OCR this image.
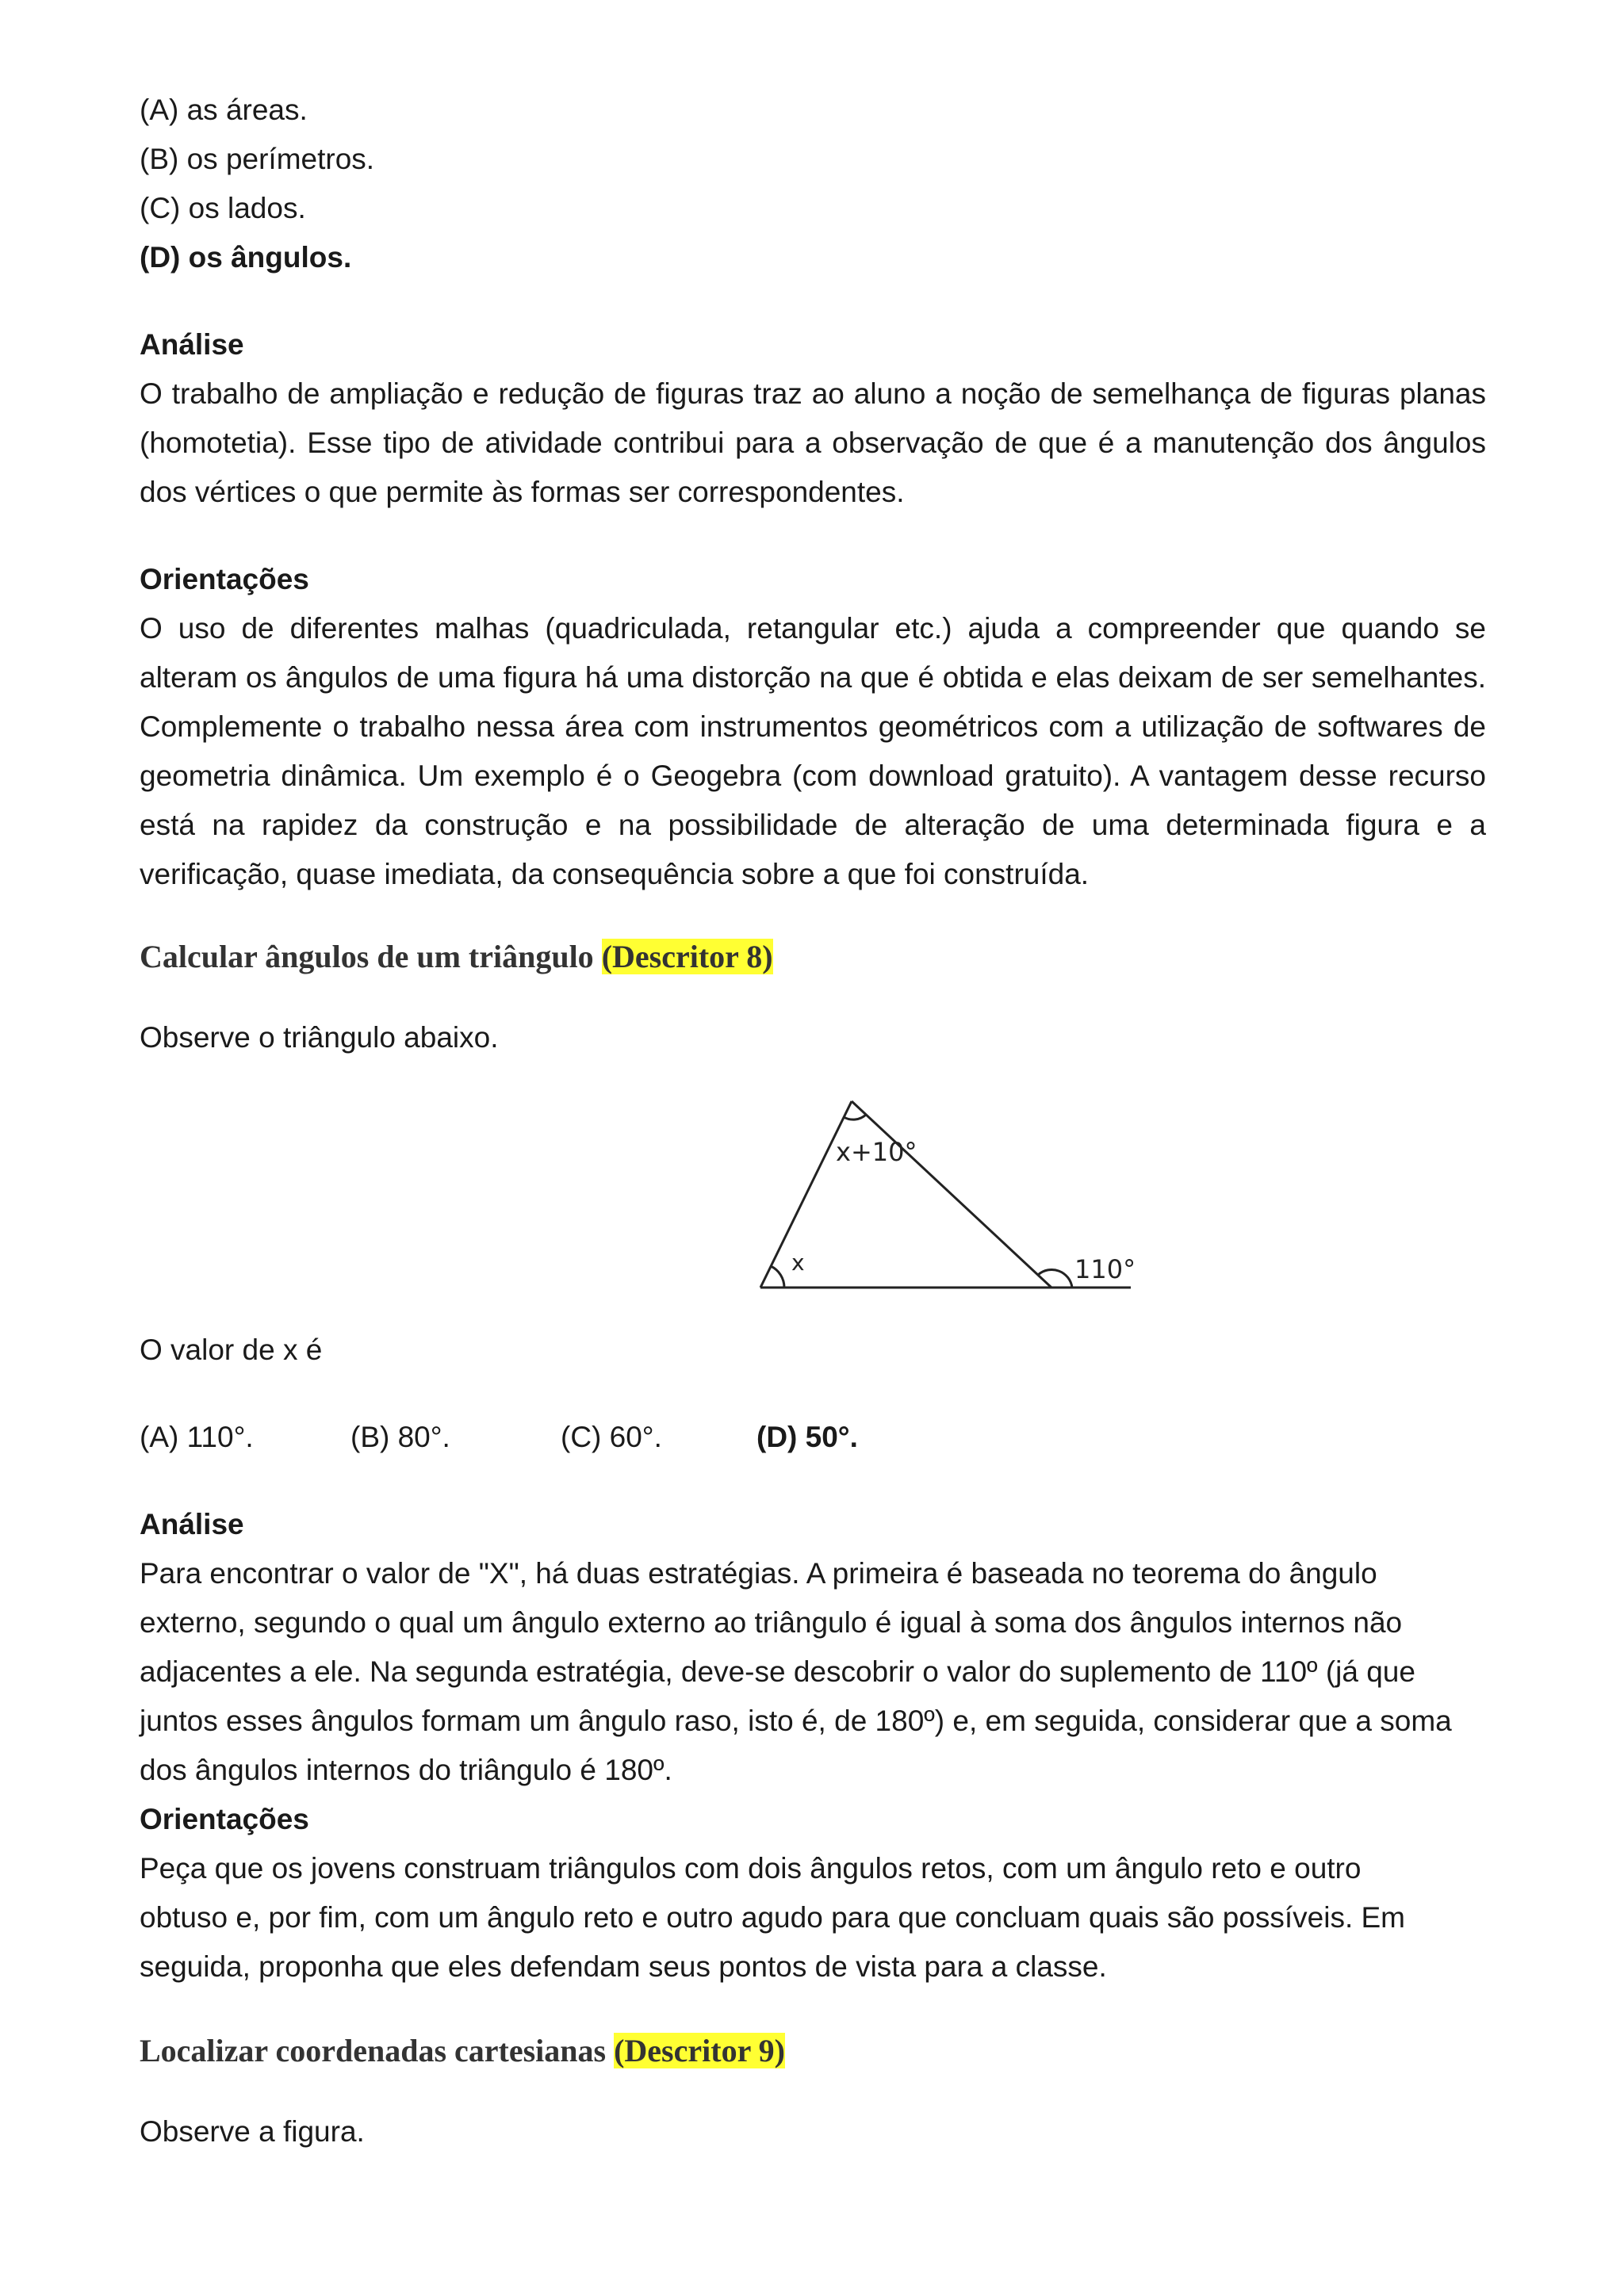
(A) as áreas.

(B) os perímetros.

(C) os lados.

(D) os ângulos.

Análise

O trabalho de ampliação e redução de figuras traz ao aluno a noção de semelhança de figuras planas (homotetia). Esse tipo de atividade contribui para a observação de que é a manutenção dos ângulos dos vértices o que permite às formas ser correspondentes.

Orientações

O uso de diferentes malhas (quadriculada, retangular etc.) ajuda a compreender que quando se alteram os ângulos de uma figura há uma distorção na que é obtida e elas deixam de ser semelhantes. Complemente o trabalho nessa área com instrumentos geométricos com a utilização de softwares de geometria dinâmica. Um exemplo é o Geogebra (com download gratuito). A vantagem desse recurso está na rapidez da construção e na possibilidade de alteração de uma determinada figura e a verificação, quase imediata, da consequência sobre a que foi construída.

Calcular ângulos de um triângulo (Descritor 8)

Observe o triângulo abaixo.

x+10°
x	110°

O valor de x é

(A) 110°.	(B) 80°.	(C) 60°.	(D) 50°.

Análise

Para encontrar o valor de "X", há duas estratégias. A primeira é baseada no teorema do ângulo

externo, segundo o qual um ângulo externo ao triângulo é igual à soma dos ângulos internos não

adjacentes a ele. Na segunda estratégia, deve-se descobrir o valor do suplemento de 110º (já que

juntos esses ângulos formam um ângulo raso, isto é, de 180º) e, em seguida, considerar que a soma

dos ângulos internos do triângulo é 180º.

Orientações

Peça que os jovens construam triângulos com dois ângulos retos, com um ângulo reto e outro

obtuso e, por fim, com um ângulo reto e outro agudo para que concluam quais são possíveis. Em

seguida, proponha que eles defendam seus pontos de vista para a classe.

Localizar coordenadas cartesianas (Descritor 9)

Observe a figura.
